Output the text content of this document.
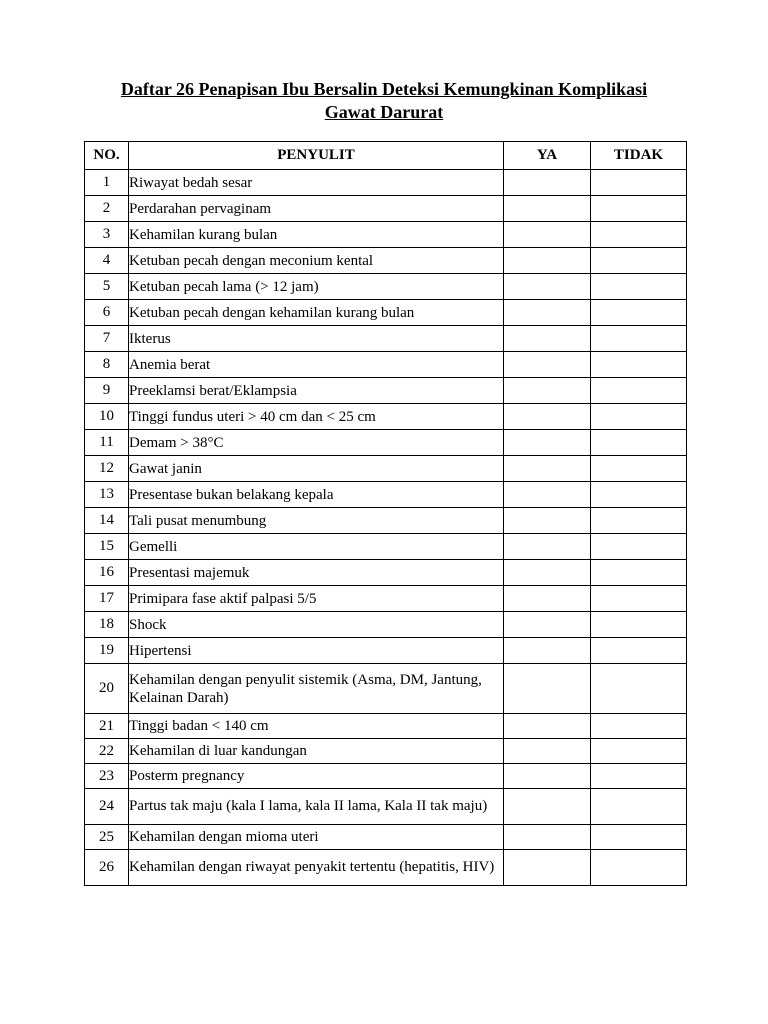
Daftar 26 Penapisan Ibu Bersalin Deteksi Kemungkinan Komplikasi
Gawat Darurat
NO.	PENYULIT	YA	TIDAK
1	Riwayat bedah sesar		
2	Perdarahan pervaginam		
3	Kehamilan kurang bulan		
4	Ketuban pecah dengan meconium kental		
5	Ketuban pecah lama (> 12 jam)		
6	Ketuban pecah dengan kehamilan kurang bulan		
7	Ikterus		
8	Anemia berat		
9	Preeklamsi berat/Eklampsia		
10	Tinggi fundus uteri > 40 cm dan < 25 cm		
11	Demam > 38°C		
12	Gawat janin		
13	Presentase bukan belakang kepala		
14	Tali pusat menumbung		
15	Gemelli		
16	Presentasi majemuk		
17	Primipara fase aktif palpasi 5/5		
18	Shock		
19	Hipertensi		
20	Kehamilan dengan penyulit sistemik (Asma, DM, Jantung, Kelainan Darah)		
21	Tinggi badan < 140 cm		
22	Kehamilan di luar kandungan		
23	Posterm pregnancy		
24	Partus tak maju (kala I lama, kala II lama, Kala II tak maju)		
25	Kehamilan dengan mioma uteri		
26	Kehamilan dengan riwayat penyakit tertentu (hepatitis, HIV)		
